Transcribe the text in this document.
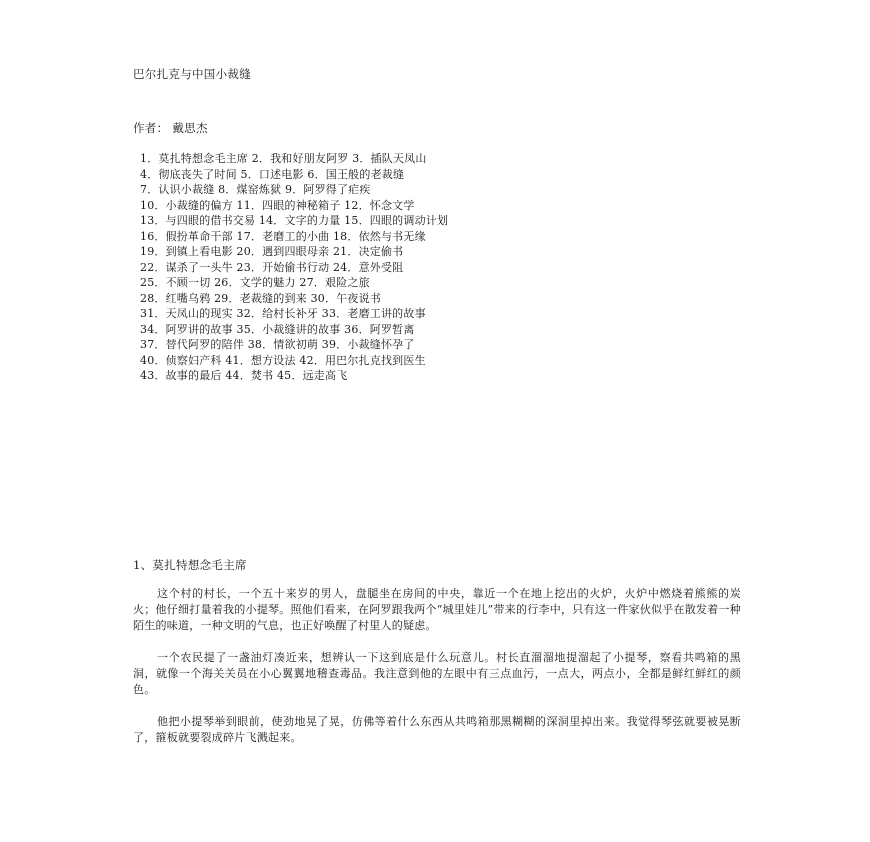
巴尔扎克与中国小裁缝
作者： 戴思杰
1．莫扎特想念毛主席 2．我和好朋友阿罗 3．插队天凤山
4．彻底丧失了时间 5．口述电影 6．国王般的老裁缝
7．认识小裁缝 8．煤窑炼狱 9．阿罗得了疟疾
10．小裁缝的偏方 11．四眼的神秘箱子 12．怀念文学
13．与四眼的借书交易 14．文字的力量 15．四眼的调动计划
16．假扮革命干部 17．老磨工的小曲 18．依然与书无缘
19．到镇上看电影 20．遇到四眼母亲 21．决定偷书
22．谋杀了一头牛 23．开始偷书行动 24．意外受阻
25．不顾一切 26．文学的魅力 27．艰险之旅
28．红嘴乌鸦 29．老裁缝的到来 30．午夜说书
31．天凤山的现实 32．给村长补牙 33．老磨工讲的故事
34．阿罗讲的故事 35．小裁缝讲的故事 36．阿罗暂离
37．替代阿罗的陪伴 38．情欲初萌 39．小裁缝怀孕了
40．侦察妇产科 41．想方设法 42．用巴尔扎克找到医生
43．故事的最后 44．焚书 45．远走高飞
1、莫扎特想念毛主席

这个村的村长，一个五十来岁的男人，盘腿坐在房间的中央，靠近一个在地上挖出的火炉，火炉中燃烧着熊熊的炭火；他仔细打量着我的小提琴。照他们看来，在阿罗跟我两个“城里娃儿”带来的行李中，只有这一件家伙似乎在散发着一种陌生的味道，一种文明的气息，也正好唤醒了村里人的疑虑。

一个农民提了一盏油灯凑近来，想辨认一下这到底是什么玩意儿。村长直溜溜地提溜起了小提琴，察看共鸣箱的黑洞，就像一个海关关员在小心翼翼地稽查毒品。我注意到他的左眼中有三点血污，一点大，两点小，全都是鲜红鲜红的颜色。

他把小提琴举到眼前，使劲地晃了晃，仿佛等着什么东西从共鸣箱那黑糊糊的深洞里掉出来。我觉得琴弦就要被晃断了，箍板就要裂成碎片飞溅起来。
